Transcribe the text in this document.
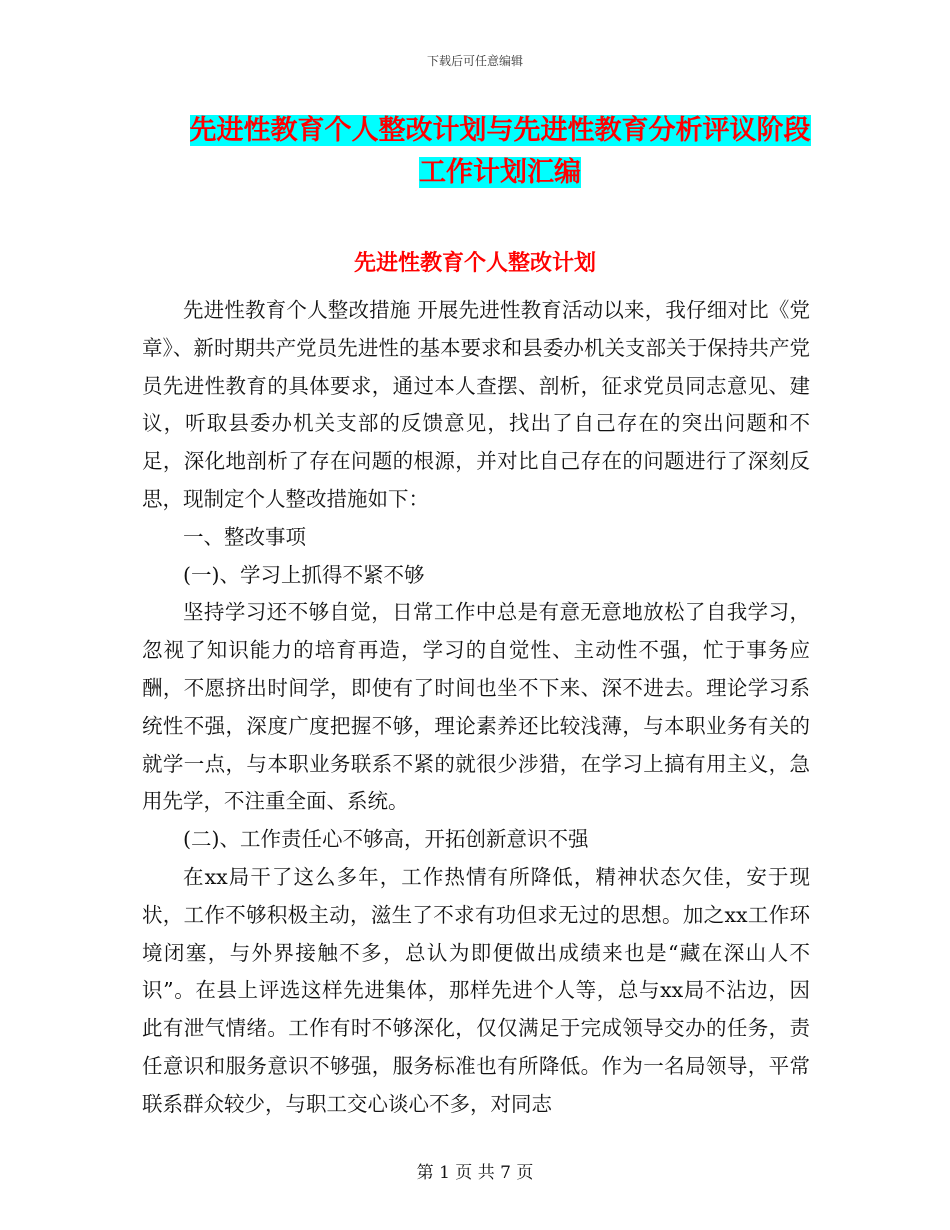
下载后可任意编辑
先进性教育个人整改计划与先进性教育分析评议阶段
工作计划汇编
先进性教育个人整改计划

先进性教育个人整改措施 开展先进性教育活动以来，我仔细对比《党章》、新时期共产党员先进性的基本要求和县委办机关支部关于保持共产党员先进性教育的具体要求，通过本人查摆、剖析，征求党员同志意见、建议，听取县委办机关支部的反馈意见，找出了自己存在的突出问题和不足，深化地剖析了存在问题的根源，并对比自己存在的问题进行了深刻反思，现制定个人整改措施如下：

一、整改事项

(一)、学习上抓得不紧不够

坚持学习还不够自觉，日常工作中总是有意无意地放松了自我学习，忽视了知识能力的培育再造，学习的自觉性、主动性不强，忙于事务应酬，不愿挤出时间学，即使有了时间也坐不下来、深不进去。理论学习系统性不强，深度广度把握不够，理论素养还比较浅薄，与本职业务有关的就学一点，与本职业务联系不紧的就很少涉猎，在学习上搞有用主义，急用先学，不注重全面、系统。

(二)、工作责任心不够高，开拓创新意识不强

在xx局干了这么多年，工作热情有所降低，精神状态欠佳，安于现状，工作不够积极主动，滋生了不求有功但求无过的思想。加之xx工作环境闭塞，与外界接触不多，总认为即便做出成绩来也是“藏在深山人不识”。在县上评选这样先进集体，那样先进个人等，总与xx局不沾边，因此有泄气情绪。工作有时不够深化，仅仅满足于完成领导交办的任务，责任意识和服务意识不够强，服务标准也有所降低。作为一名局领导，平常联系群众较少，与职工交心谈心不多，对同志

第 1 页 共 7 页
